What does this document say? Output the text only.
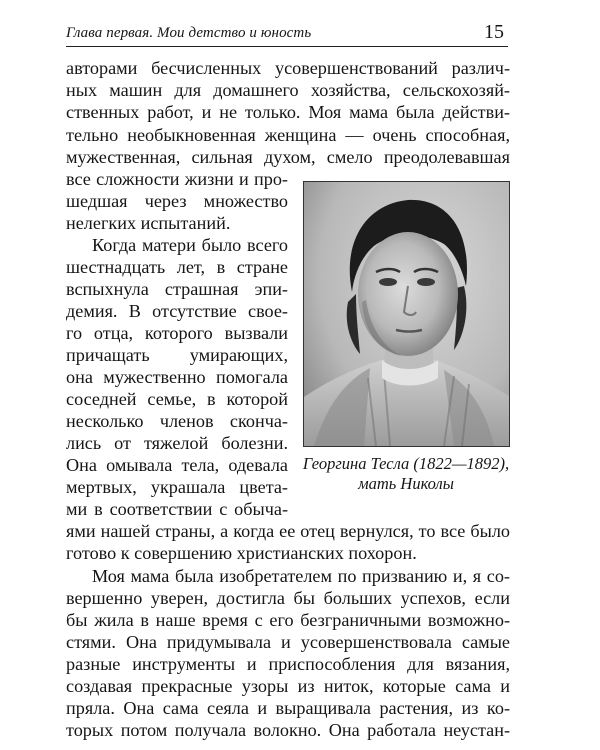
Глава первая. Мои детство и юность	15
авторами бесчисленных усовершенствований различ-
ных машин для домашнего хозяйства, сельскохозяй-
ственных работ, и не только. Моя мама была действи-
тельно необыкновенная женщина — очень способная,
мужественная, сильная духом, смело преодолевавшая
все сложности жизни и про-
шедшая через множество
нелегких испытаний.
Когда матери было всего
шестнадцать лет, в стране
вспыхнула страшная эпи-
демия. В отсутствие свое-
го отца, которого вызвали
причащать умирающих,
она мужественно помогала
соседней семье, в которой
несколько членов сконча-
лись от тяжелой болезни.
Она омывала тела, одевала
мертвых, украшала цвета-
ми в соответствии с обыча-
ями нашей страны, а когда ее отец вернулся, то все было
готово к совершению христианских похорон.
Моя мама была изобретателем по призванию и, я со-
вершенно уверен, достигла бы больших успехов, если
бы жила в наше время с его безграничными возможно-
стями. Она придумывала и усовершенствовала самые
разные инструменты и приспособления для вязания,
создавая прекрасные узоры из ниток, которые сама и
пряла. Она сама сеяла и выращивала растения, из ко-
торых потом получала волокно. Она работала неустан-
Георгина Тесла (1822—1892),
мать Николы
